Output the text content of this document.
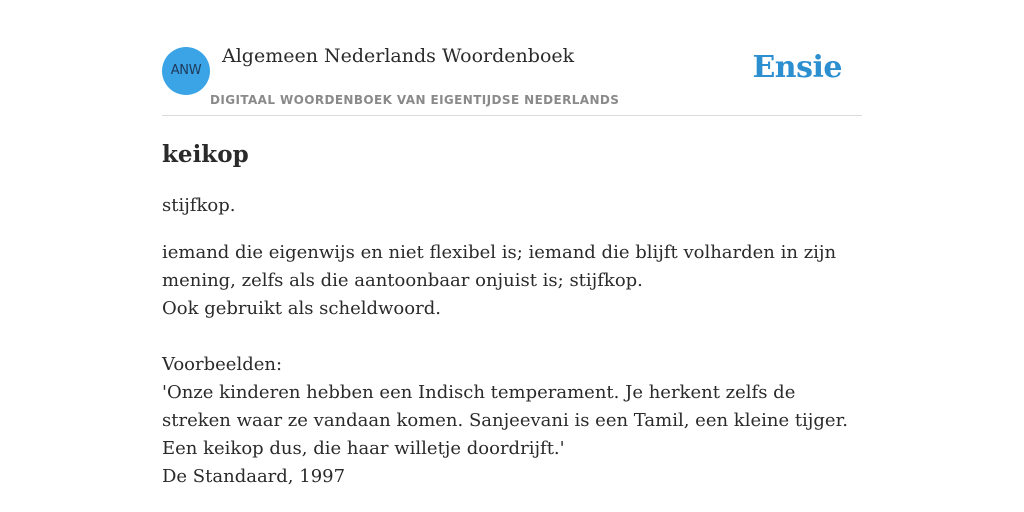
ANW
Algemeen Nederlands Woordenboek
DIGITAAL WOORDENBOEK VAN EIGENTIJDSE NEDERLANDS
Ensie
keikop
stijfkop.

iemand die eigenwijs en niet flexibel is; iemand die blijft volharden in zijn mening, zelfs als die aantoonbaar onjuist is; stijfkop.

Ook gebruikt als scheldwoord.

Voorbeelden:

'Onze kinderen hebben een Indisch temperament. Je herkent zelfs de streken waar ze vandaan komen. Sanjeevani is een Tamil, een kleine tijger. Een keikop dus, die haar willetje doordrijft.'

De Standaard, 1997
